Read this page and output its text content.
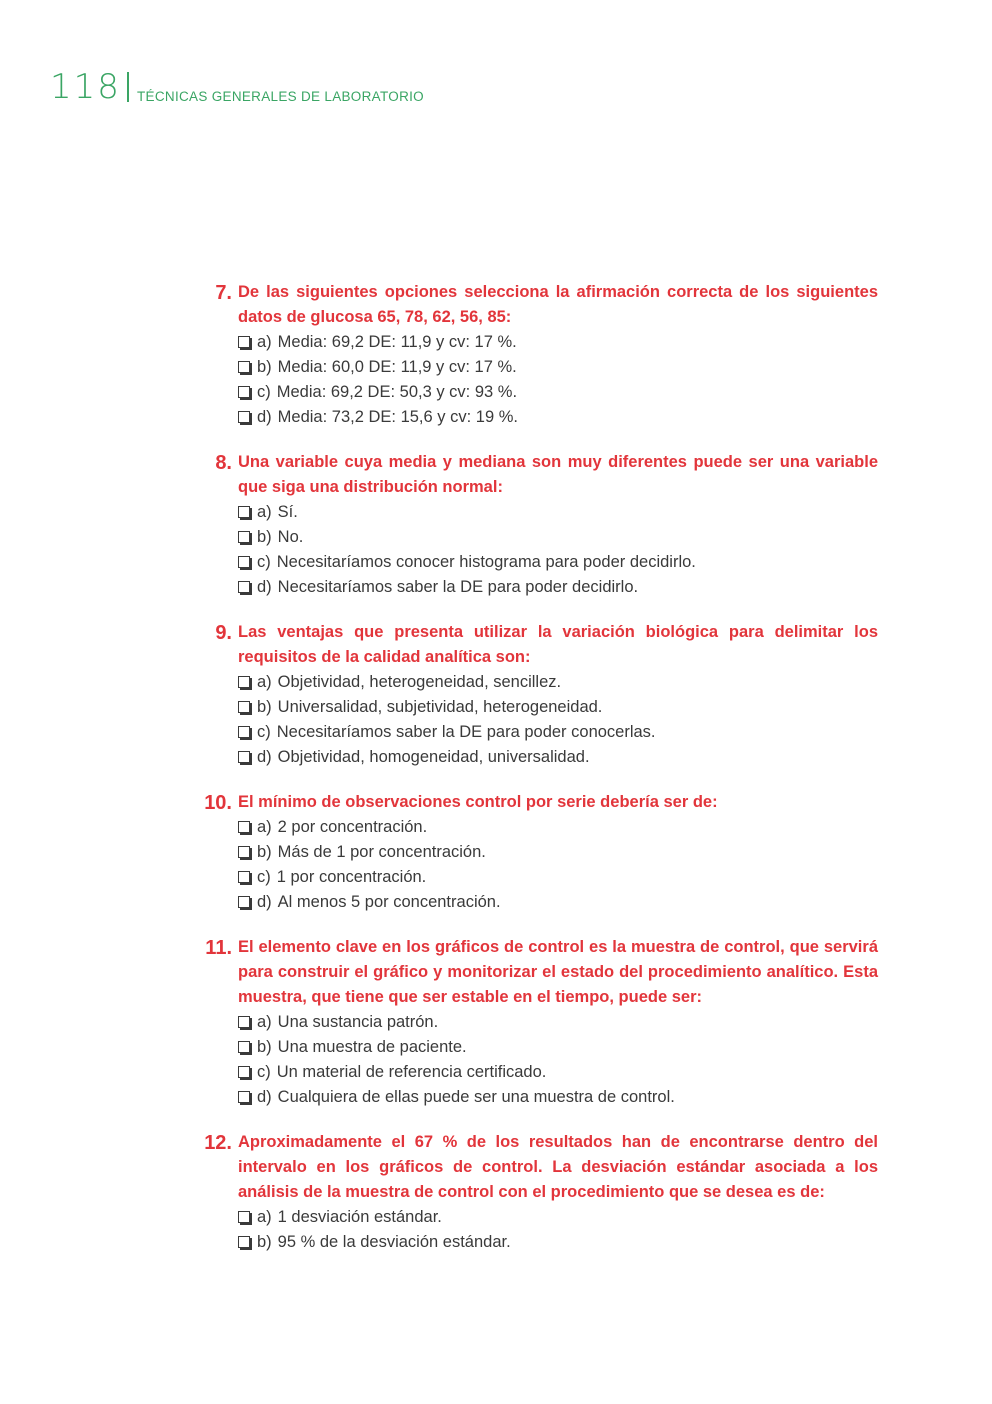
118 TÉCNICAS GENERALES DE LABORATORIO
7. De las siguientes opciones selecciona la afirmación correcta de los siguientes datos de glucosa 65, 78, 62, 56, 85:
a) Media: 69,2 DE: 11,9 y cv: 17 %.
b) Media: 60,0 DE: 11,9 y cv: 17 %.
c) Media: 69,2 DE: 50,3 y cv: 93 %.
d) Media: 73,2 DE: 15,6 y cv: 19 %.
8. Una variable cuya media y mediana son muy diferentes puede ser una variable que siga una distribución normal:
a) Sí.
b) No.
c) Necesitaríamos conocer histograma para poder decidirlo.
d) Necesitaríamos saber la DE para poder decidirlo.
9. Las ventajas que presenta utilizar la variación biológica para delimitar los requisitos de la calidad analítica son:
a) Objetividad, heterogeneidad, sencillez.
b) Universalidad, subjetividad, heterogeneidad.
c) Necesitaríamos saber la DE para poder conocerlas.
d) Objetividad, homogeneidad, universalidad.
10. El mínimo de observaciones control por serie debería ser de:
a) 2 por concentración.
b) Más de 1 por concentración.
c) 1 por concentración.
d) Al menos 5 por concentración.
11. El elemento clave en los gráficos de control es la muestra de control, que servirá para construir el gráfico y monitorizar el estado del procedimiento analítico. Esta muestra, que tiene que ser estable en el tiempo, puede ser:
a) Una sustancia patrón.
b) Una muestra de paciente.
c) Un material de referencia certificado.
d) Cualquiera de ellas puede ser una muestra de control.
12. Aproximadamente el 67 % de los resultados han de encontrarse dentro del intervalo en los gráficos de control. La desviación estándar asociada a los análisis de la muestra de control con el procedimiento que se desea es de:
a) 1 desviación estándar.
b) 95 % de la desviación estándar.
